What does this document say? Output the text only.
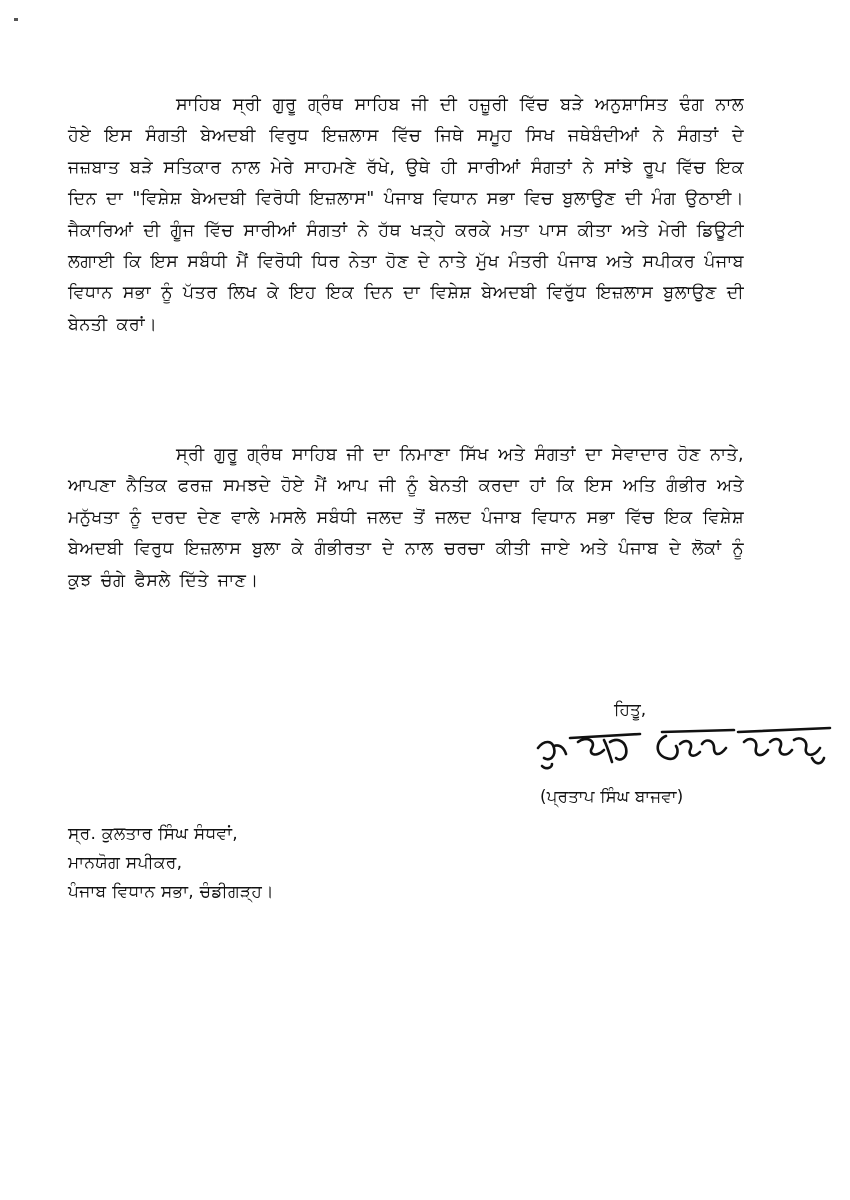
ਸਾਹਿਬ ਸ੍ਰੀ ਗੁਰੂ ਗ੍ਰੰਥ ਸਾਹਿਬ ਜੀ ਦੀ ਹਜ਼ੂਰੀ ਵਿੱਚ ਬੜੇ ਅਨੁਸ਼ਾਸਿਤ ਢੰਗ ਨਾਲ ਹੋਏ ਇਸ ਸੰਗਤੀ ਬੇਅਦਬੀ ਵਿਰੁਧ ਇਜ਼ਲਾਸ ਵਿੱਚ ਜਿਥੇ ਸਮੂਹ ਸਿਖ ਜਥੇਬੰਦੀਆਂ ਨੇ ਸੰਗਤਾਂ ਦੇ ਜਜ਼ਬਾਤ ਬੜੇ ਸਤਿਕਾਰ ਨਾਲ ਮੇਰੇ ਸਾਹਮਣੇ ਰੱਖੇ, ਉਥੇ ਹੀ ਸਾਰੀਆਂ ਸੰਗਤਾਂ ਨੇ ਸਾਂਝੇ ਰੂਪ ਵਿੱਚ ਇਕ ਦਿਨ ਦਾ "ਵਿਸ਼ੇਸ਼ ਬੇਅਦਬੀ ਵਿਰੋਧੀ ਇਜ਼ਲਾਸ" ਪੰਜਾਬ ਵਿਧਾਨ ਸਭਾ ਵਿਚ ਬੁਲਾਉਣ ਦੀ ਮੰਗ ਉਠਾਈ। ਜੈਕਾਰਿਆਂ ਦੀ ਗੂੰਜ ਵਿੱਚ ਸਾਰੀਆਂ ਸੰਗਤਾਂ ਨੇ ਹੱਥ ਖੜ੍ਹੇ ਕਰਕੇ ਮਤਾ ਪਾਸ ਕੀਤਾ ਅਤੇ ਮੇਰੀ ਡਿਊਟੀ ਲਗਾਈ ਕਿ ਇਸ ਸਬੰਧੀ ਮੈਂ ਵਿਰੋਧੀ ਧਿਰ ਨੇਤਾ ਹੋਣ ਦੇ ਨਾਤੇ ਮੁੱਖ ਮੰਤਰੀ ਪੰਜਾਬ ਅਤੇ ਸਪੀਕਰ ਪੰਜਾਬ ਵਿਧਾਨ ਸਭਾ ਨੂੰ ਪੱਤਰ ਲਿਖ ਕੇ ਇਹ ਇਕ ਦਿਨ ਦਾ ਵਿਸ਼ੇਸ਼ ਬੇਅਦਬੀ ਵਿਰੁੱਧ ਇਜ਼ਲਾਸ ਬੁਲਾਉਣ ਦੀ ਬੇਨਤੀ ਕਰਾਂ।

ਸ੍ਰੀ ਗੁਰੂ ਗ੍ਰੰਥ ਸਾਹਿਬ ਜੀ ਦਾ ਨਿਮਾਣਾ ਸਿੱਖ ਅਤੇ ਸੰਗਤਾਂ ਦਾ ਸੇਵਾਦਾਰ ਹੋਣ ਨਾਤੇ, ਆਪਣਾ ਨੈਤਿਕ ਫਰਜ਼ ਸਮਝਦੇ ਹੋਏ ਮੈਂ ਆਪ ਜੀ ਨੂੰ ਬੇਨਤੀ ਕਰਦਾ ਹਾਂ ਕਿ ਇਸ ਅਤਿ ਗੰਭੀਰ ਅਤੇ ਮਨੁੱਖਤਾ ਨੂੰ ਦਰਦ ਦੇਣ ਵਾਲੇ ਮਸਲੇ ਸਬੰਧੀ ਜਲਦ ਤੋਂ ਜਲਦ ਪੰਜਾਬ ਵਿਧਾਨ ਸਭਾ ਵਿੱਚ ਇਕ ਵਿਸ਼ੇਸ਼ ਬੇਅਦਬੀ ਵਿਰੁਧ ਇਜ਼ਲਾਸ ਬੁਲਾ ਕੇ ਗੰਭੀਰਤਾ ਦੇ ਨਾਲ ਚਰਚਾ ਕੀਤੀ ਜਾਏ ਅਤੇ ਪੰਜਾਬ ਦੇ ਲੋਕਾਂ ਨੂੰ ਕੁਝ ਚੰਗੇ ਫੈਸਲੇ ਦਿੱਤੇ ਜਾਣ।

ਹਿਤੂ,
(ਪ੍ਰਤਾਪ ਸਿੰਘ ਬਾਜਵਾ)
ਸ੍ਰ. ਕੁਲਤਾਰ ਸਿੰਘ ਸੰਧਵਾਂ,
ਮਾਨਯੋਗ ਸਪੀਕਰ,
ਪੰਜਾਬ ਵਿਧਾਨ ਸਭਾ, ਚੰਡੀਗੜ੍ਹ।
